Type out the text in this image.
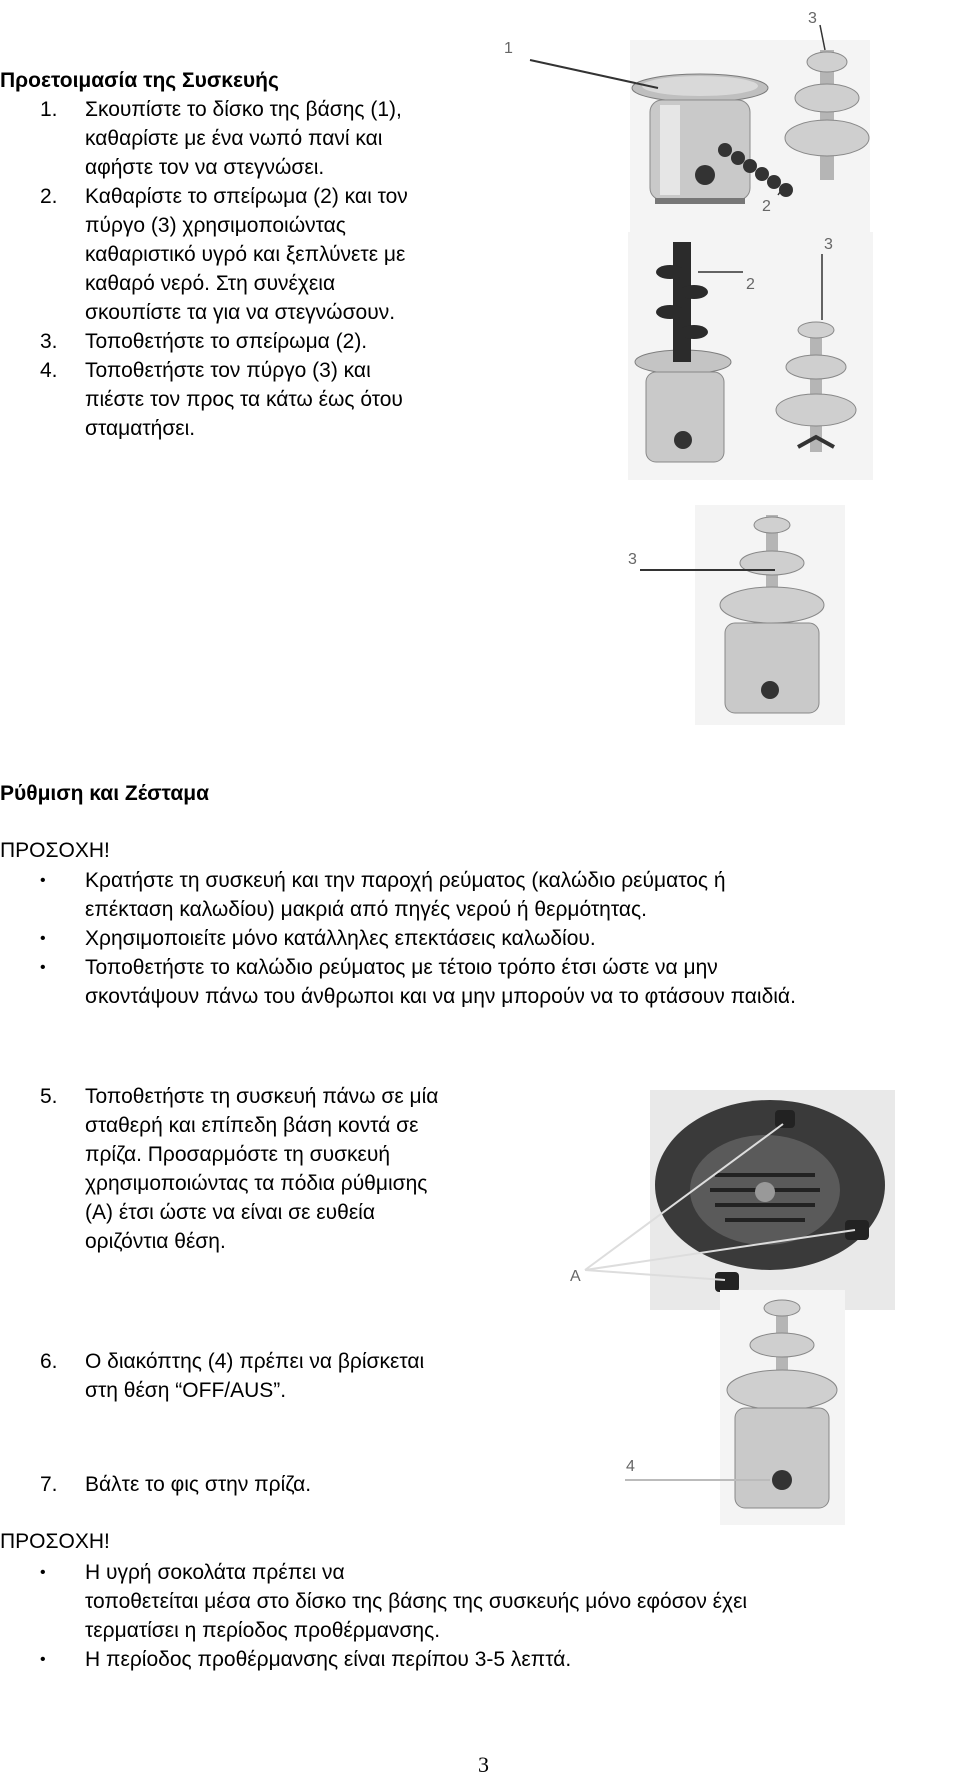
Προετοιμασία της Συσκευής
1. Σκουπίστε το δίσκο της βάσης (1),
καθαρίστε με ένα νωπό πανί και
αφήστε τον να στεγνώσει.
2. Καθαρίστε το σπείρωμα (2) και τον
πύργο (3) χρησιμοποιώντας
καθαριστικό υγρό και ξεπλύνετε με
καθαρό νερό. Στη συνέχεια
σκουπίστε τα για να στεγνώσουν.
3. Τοποθετήστε το σπείρωμα (2).
4. Τοποθετήστε τον πύργο (3) και
πιέστε τον προς τα κάτω έως ότου
σταματήσει.
1
2
3
2
3
3
Ρύθμιση και Ζέσταμα
ΠΡΟΣΟΧΗ!
• Κρατήστε τη συσκευή και την παροχή ρεύματος (καλώδιο ρεύματος ή
επέκταση καλωδίου) μακριά από πηγές νερού ή θερμότητας.
• Χρησιμοποιείτε μόνο κατάλληλες επεκτάσεις καλωδίου.
• Τοποθετήστε το καλώδιο ρεύματος με τέτοιο τρόπο έτσι ώστε να μην
σκοντάψουν πάνω του άνθρωποι και να μην μπορούν να το φτάσουν παιδιά.
5. Τοποθετήστε τη συσκευή πάνω σε μία
σταθερή και επίπεδη βάση κοντά σε
πρίζα. Προσαρμόστε τη συσκευή
χρησιμοποιώντας τα πόδια ρύθμισης
(Α) έτσι ώστε να είναι σε ευθεία
οριζόντια θέση.
A
6. Ο διακόπτης (4) πρέπει να βρίσκεται
στη θέση “OFF/AUS”.
4
7. Βάλτε το φις στην πρίζα.
ΠΡΟΣΟΧΗ!
• Η υγρή σοκολάτα πρέπει να
τοποθετείται μέσα στο δίσκο της βάσης της συσκευής μόνο εφόσον έχει
τερματίσει η περίοδος προθέρμανσης.
• Η περίοδος προθέρμανσης είναι περίπου 3-5 λεπτά.
3
